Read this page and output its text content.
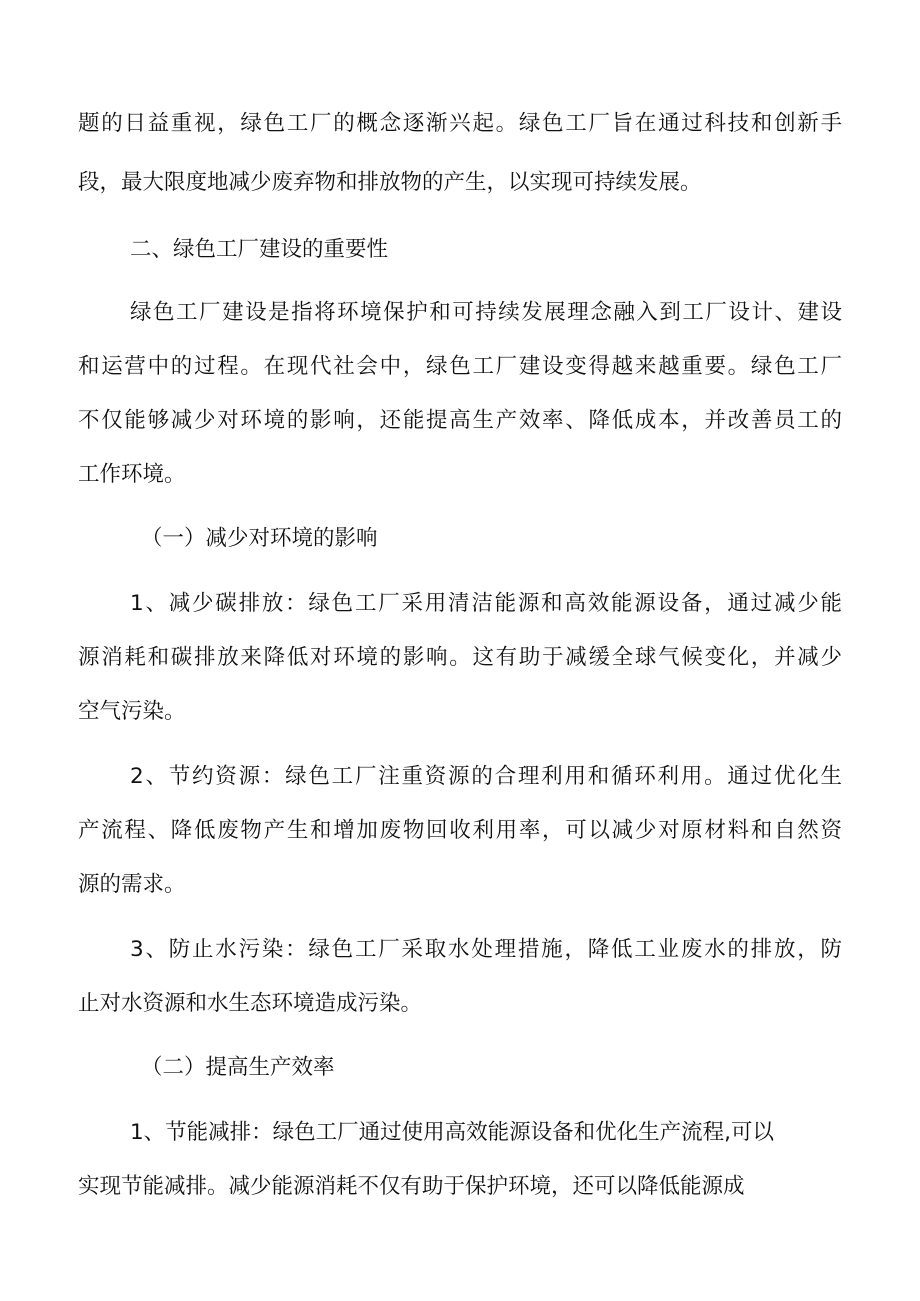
题的日益重视，绿色工厂的概念逐渐兴起。绿色工厂旨在通过科技和创新手
段，最大限度地减少废弃物和排放物的产生，以实现可持续发展。
二、绿色工厂建设的重要性
绿色工厂建设是指将环境保护和可持续发展理念融入到工厂设计、建设
和运营中的过程。在现代社会中，绿色工厂建设变得越来越重要。绿色工厂
不仅能够减少对环境的影响，还能提高生产效率、降低成本，并改善员工的
工作环境。
（一）减少对环境的影响
1、减少碳排放：绿色工厂采用清洁能源和高效能源设备，通过减少能
源消耗和碳排放来降低对环境的影响。这有助于减缓全球气候变化，并减少
空气污染。
2、节约资源：绿色工厂注重资源的合理利用和循环利用。通过优化生
产流程、降低废物产生和增加废物回收利用率，可以减少对原材料和自然资
源的需求。
3、防止水污染：绿色工厂采取水处理措施，降低工业废水的排放，防
止对水资源和水生态环境造成污染。
（二）提高生产效率
1、节能减排：绿色工厂通过使用高效能源设备和优化生产流程,可以
实现节能减排。减少能源消耗不仅有助于保护环境，还可以降低能源成
